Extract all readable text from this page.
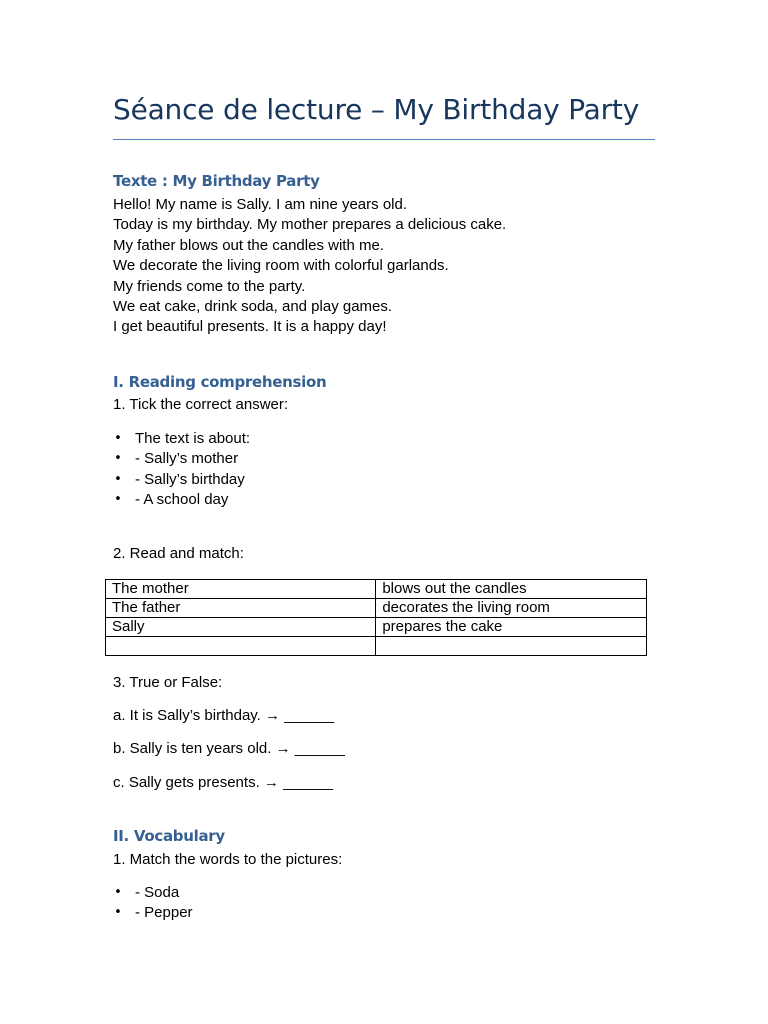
Séance de lecture – My Birthday Party
Texte : My Birthday Party
Hello! My name is Sally. I am nine years old.
Today is my birthday. My mother prepares a delicious cake.
My father blows out the candles with me.
We decorate the living room with colorful garlands.
My friends come to the party.
We eat cake, drink soda, and play games.
I get beautiful presents. It is a happy day!
I. Reading comprehension
1. Tick the correct answer:
• The text is about:
• - Sally’s mother
• - Sally’s birthday
• - A school day
2. Read and match:
The mother	blows out the candles
The father	decorates the living room
Sally	prepares the cake

3. True or False:
a. It is Sally’s birthday. → ______
b. Sally is ten years old. → ______
c. Sally gets presents. → ______
II. Vocabulary
1. Match the words to the pictures:
• - Soda
• - Pepper
